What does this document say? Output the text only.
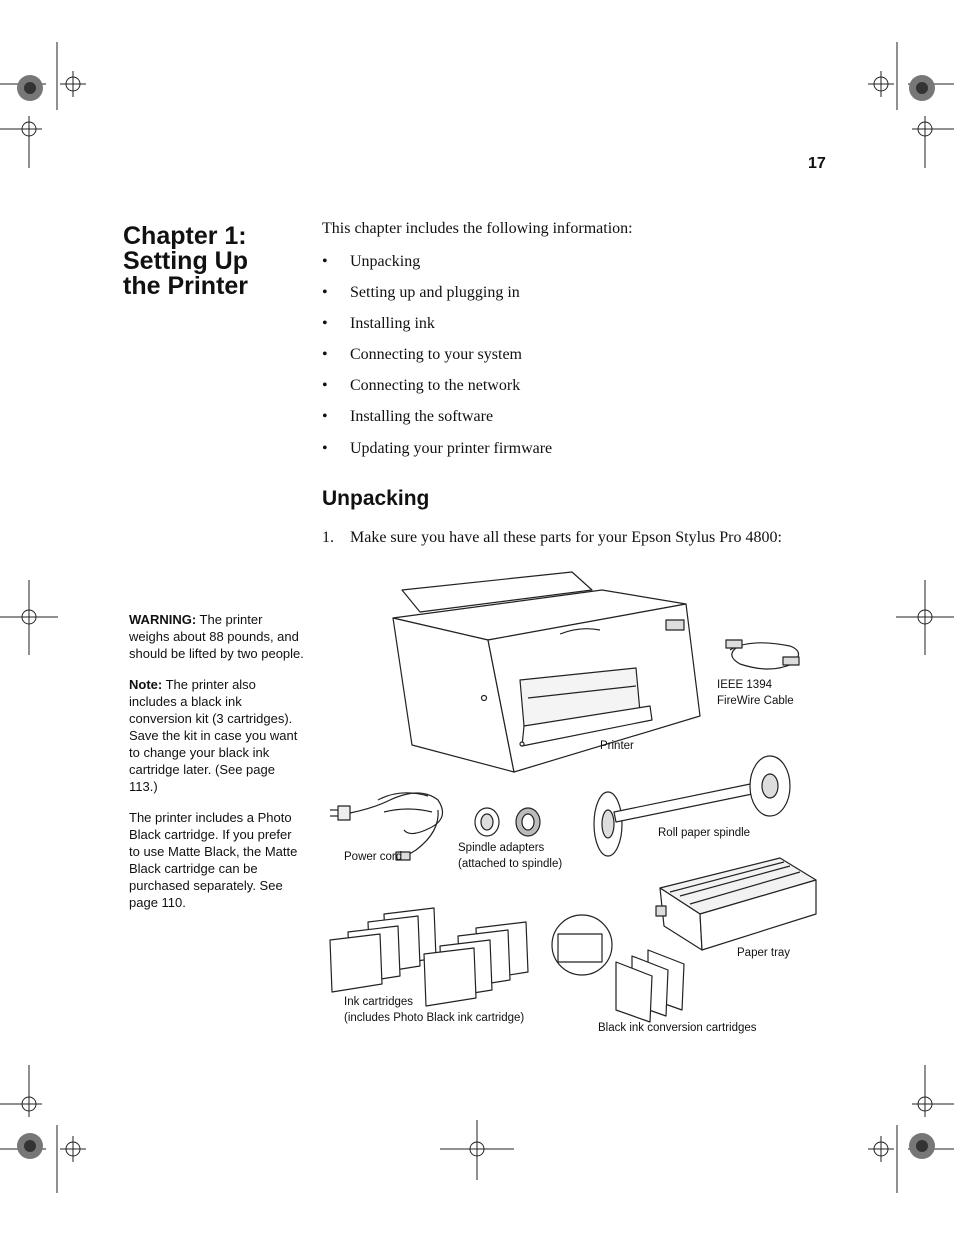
17
Chapter 1:
Setting Up
the Printer
This chapter includes the following information:
• Unpacking
• Setting up and plugging in
• Installing ink
• Connecting to your system
• Connecting to the network
• Installing the software
• Updating your printer firmware
Unpacking
1. Make sure you have all these parts for your Epson Stylus Pro 4800:

WARNING: The printer weighs about 88 pounds, and should be lifted by two people.

Note: The printer also includes a black ink conversion kit (3 cartridges). Save the kit in case you want to change your black ink cartridge later. (See page 113.)

The printer includes a Photo Black cartridge. If you prefer to use Matte Black, the Matte Black cartridge can be purchased separately. See page 110.

IEEE 1394
FireWire Cable
Printer
Roll paper spindle
Power cord
Spindle adapters
(attached to spindle)
Paper tray
Ink cartridges
(includes Photo Black ink cartridge)
Black ink conversion cartridges
